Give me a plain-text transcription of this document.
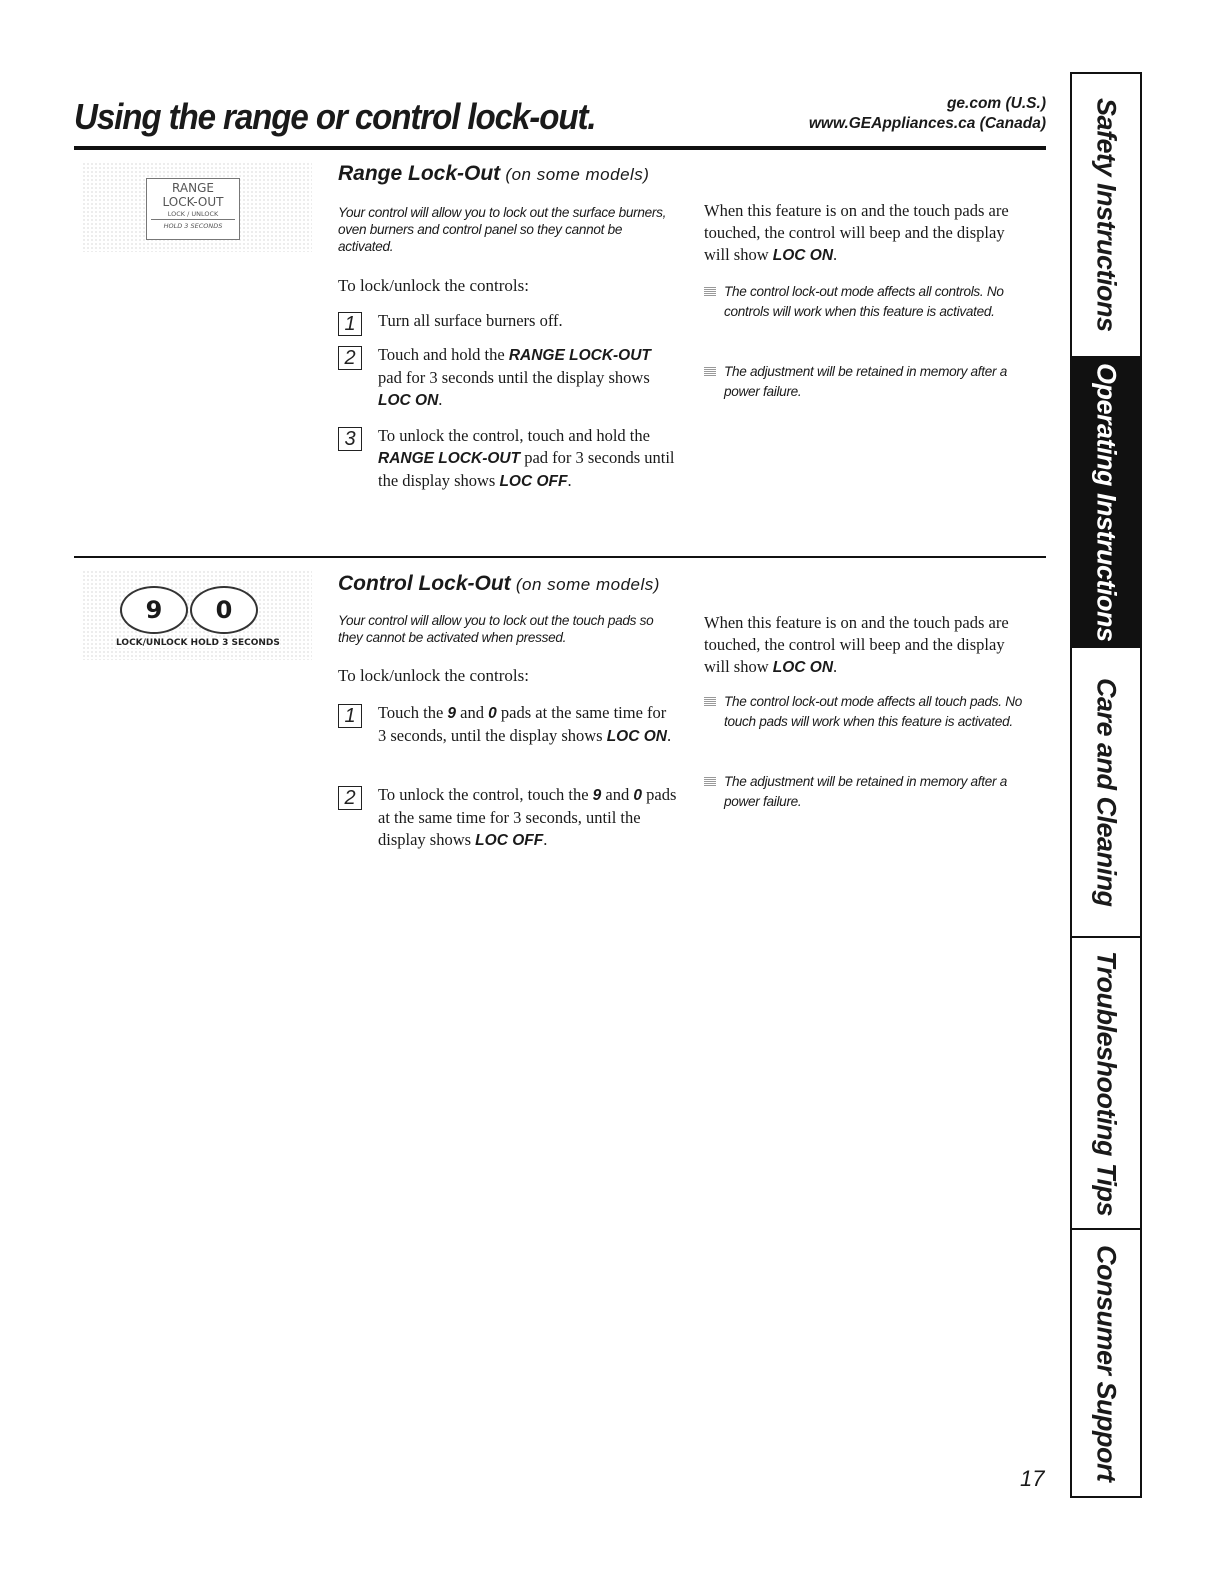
Using the range or control lock-out.	ge.com (U.S.)
www.GEAppliances.ca (Canada)
RANGE
LOCK-OUT
LOCK / UNLOCK
HOLD 3 SECONDS
Range Lock-Out (on some models)
Your control will allow you to lock out the surface burners, oven burners and control panel so they cannot be activated.
To lock/unlock the controls:
1	Turn all surface burners off.
2	Touch and hold the RANGE LOCK-OUT pad for 3 seconds until the display shows LOC ON.
3	To unlock the control, touch and hold the RANGE LOCK-OUT pad for 3 seconds until the display shows LOC OFF.
When this feature is on and the touch pads are touched, the control will beep and the display will show LOC ON.
The control lock-out mode affects all controls. No controls will work when this feature is activated.
The adjustment will be retained in memory after a power failure.
9	0
LOCK/UNLOCK HOLD 3 SECONDS
Control Lock-Out (on some models)
Your control will allow you to lock out the touch pads so they cannot be activated when pressed.
To lock/unlock the controls:
1	Touch the 9 and 0 pads at the same time for 3 seconds, until the display shows LOC ON.
2	To unlock the control, touch the 9 and 0 pads at the same time for 3 seconds, until the display shows LOC OFF.
When this feature is on and the touch pads are touched, the control will beep and the display will show LOC ON.
The control lock-out mode affects all touch pads. No touch pads will work when this feature is activated.
The adjustment will be retained in memory after a power failure.
17
Safety Instructions
Operating Instructions
Care and Cleaning
Troubleshooting Tips
Consumer Support
